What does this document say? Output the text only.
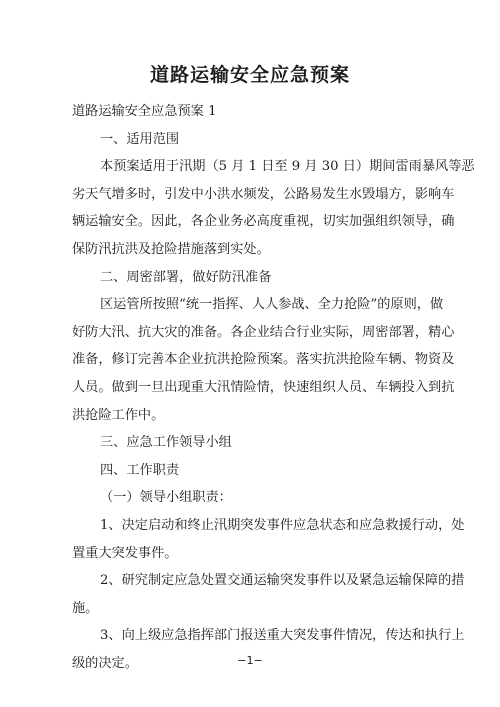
道路运输安全应急预案
道路运输安全应急预案 1
一、适用范围
本预案适用于汛期（5 月 1 日至 9 月 30 日）期间雷雨暴风等恶
劣天气增多时，引发中小洪水频发，公路易发生水毁塌方，影响车
辆运输安全。因此，各企业务必高度重视，切实加强组织领导，确
保防汛抗洪及抢险措施落到实处。
二、周密部署，做好防汛准备
区运管所按照“统一指挥、人人参战、全力抢险”的原则，做
好防大汛、抗大灾的准备。各企业结合行业实际，周密部署，精心
准备，修订完善本企业抗洪抢险预案。落实抗洪抢险车辆、物资及
人员。做到一旦出现重大汛情险情，快速组织人员、车辆投入到抗
洪抢险工作中。
三、应急工作领导小组
四、工作职责
（一）领导小组职责：
1、决定启动和终止汛期突发事件应急状态和应急救援行动，处
置重大突发事件。
2、研究制定应急处置交通运输突发事件以及紧急运输保障的措
施。
3、向上级应急指挥部门报送重大突发事件情况，传达和执行上
级的决定。	−1−
